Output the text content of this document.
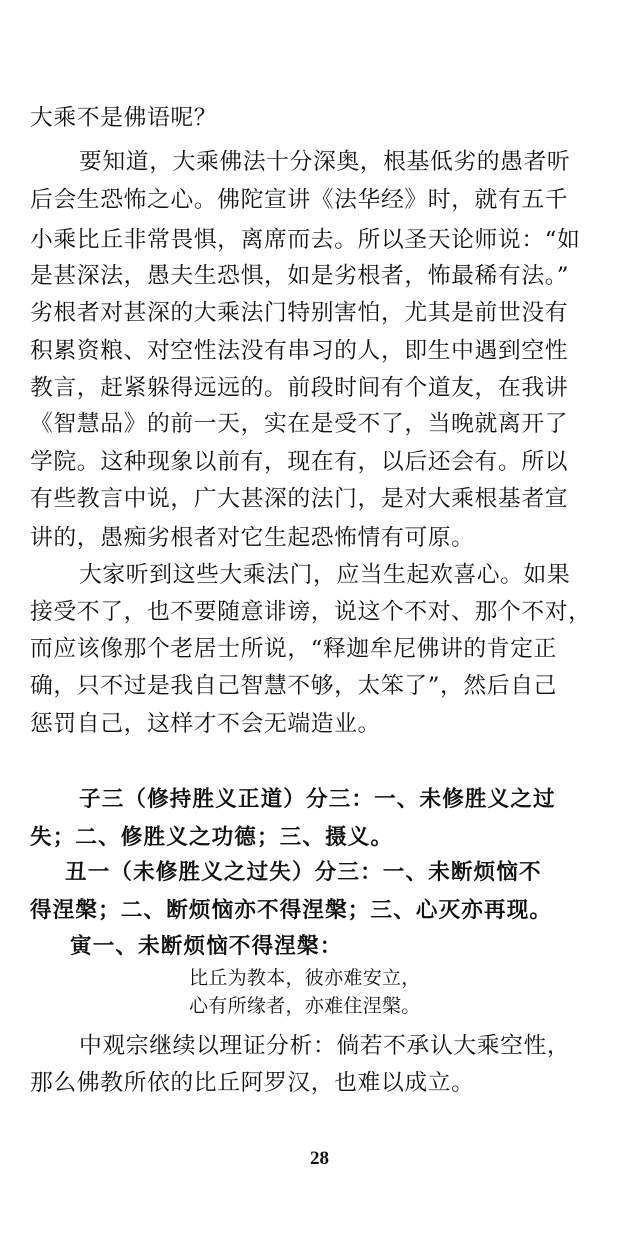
大乘不是佛语呢？
要知道，大乘佛法十分深奥，根基低劣的愚者听
后会生恐怖之心。佛陀宣讲《法华经》时，就有五千
小乘比丘非常畏惧，离席而去。所以圣天论师说：“如
是甚深法，愚夫生恐惧，如是劣根者，怖最稀有法。”
劣根者对甚深的大乘法门特别害怕，尤其是前世没有
积累资粮、对空性法没有串习的人，即生中遇到空性
教言，赶紧躲得远远的。前段时间有个道友，在我讲
《智慧品》的前一天，实在是受不了，当晚就离开了
学院。这种现象以前有，现在有，以后还会有。所以
有些教言中说，广大甚深的法门，是对大乘根基者宣
讲的，愚痴劣根者对它生起恐怖情有可原。
大家听到这些大乘法门，应当生起欢喜心。如果
接受不了，也不要随意诽谤，说这个不对、那个不对，
而应该像那个老居士所说，“释迦牟尼佛讲的肯定正
确，只不过是我自己智慧不够，太笨了”，然后自己
惩罚自己，这样才不会无端造业。
子三（修持胜义正道）分三：一、未修胜义之过
失；二、修胜义之功德；三、摄义。
丑一（未修胜义之过失）分三：一、未断烦恼不
得涅槃；二、断烦恼亦不得涅槃；三、心灭亦再现。
寅一、未断烦恼不得涅槃：
比丘为教本，彼亦难安立，
心有所缘者，亦难住涅槃。
中观宗继续以理证分析：倘若不承认大乘空性，
那么佛教所依的比丘阿罗汉，也难以成立。
28
